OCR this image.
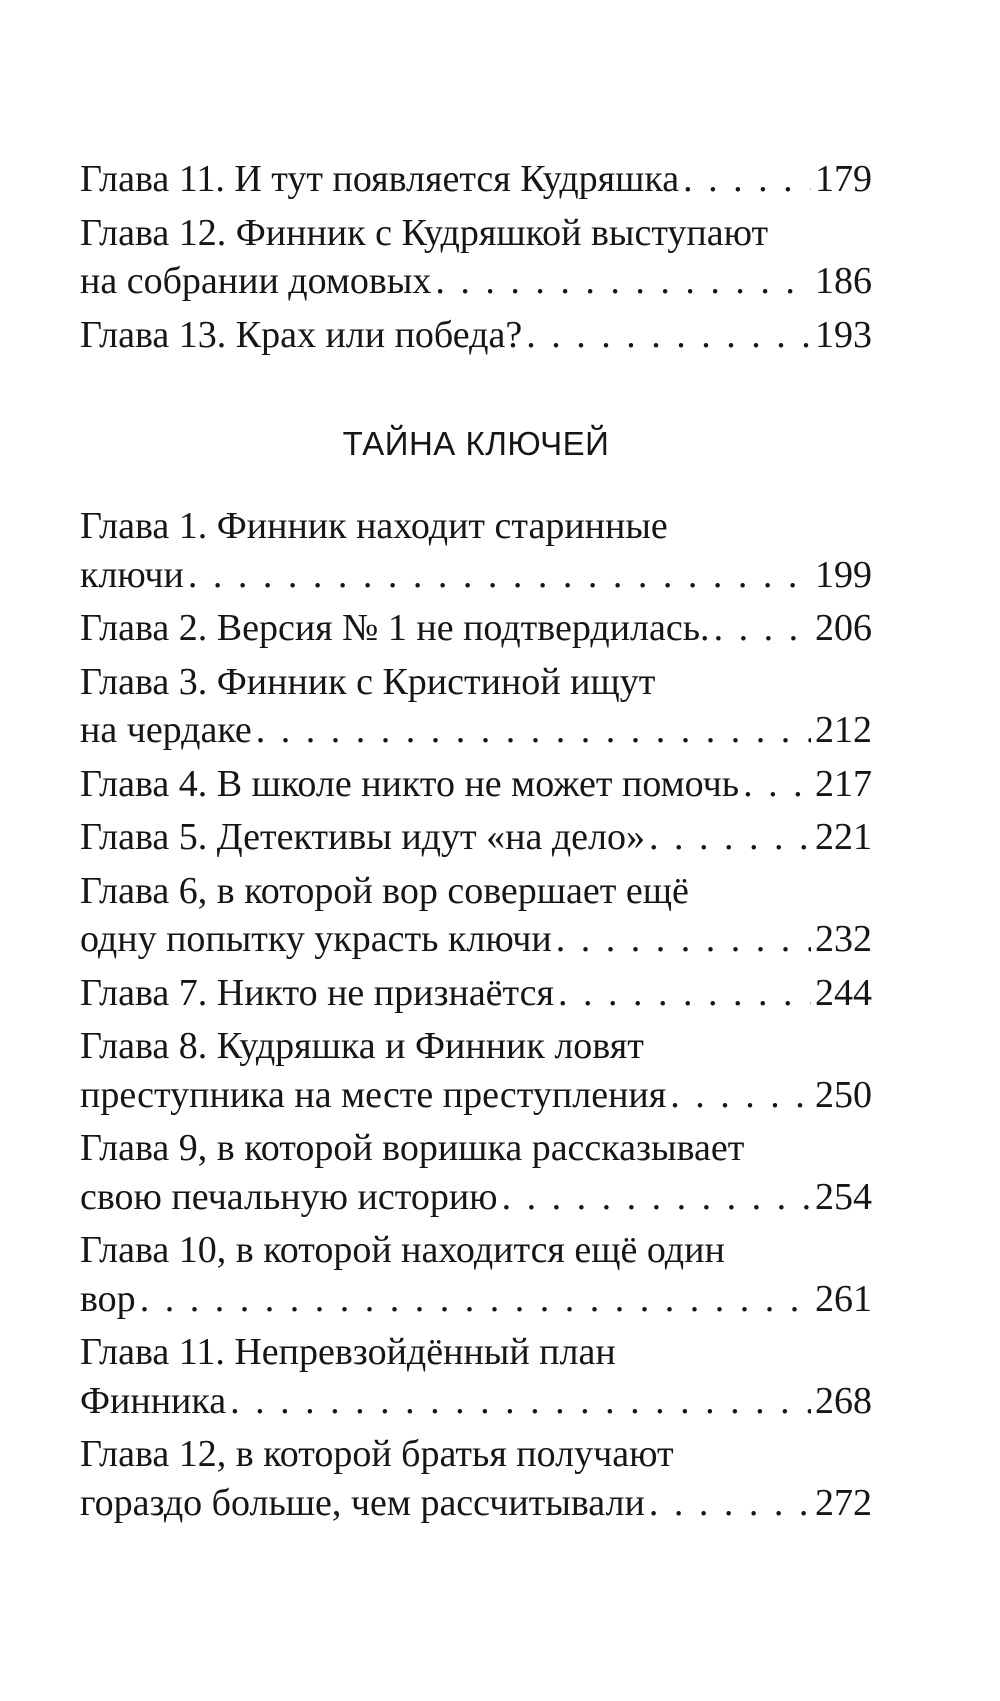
Глава 11. И тут появляется Кудряшка . . .	179
Глава 12. Финник с Кудряшкой выступают
на собрании домовых . . .	186
Глава 13. Крах или победа? . . .	193
ТАЙНА КЛЮЧЕЙ
Глава 1. Финник находит старинные
ключи . . .	199
Глава 2. Версия № 1 не подтвердилась. . . .	206
Глава 3. Финник с Кристиной ищут
на чердаке . . .	212
Глава 4. В школе никто не может помочь . . . 217
Глава 5. Детективы идут «на дело» . . .	221
Глава 6, в которой вор совершает ещё
одну попытку украсть ключи . . .	232
Глава 7. Никто не признаётся . . .	244
Глава 8. Кудряшка и Финник ловят
преступника на месте преступления . . .	250
Глава 9, в которой воришка рассказывает
свою печальную историю . . .	254
Глава 10, в которой находится ещё один
вор . . .	261
Глава 11. Непревзойдённый план
Финника . . .	268
Глава 12, в которой братья получают
гораздо больше, чем рассчитывали . . .	272
